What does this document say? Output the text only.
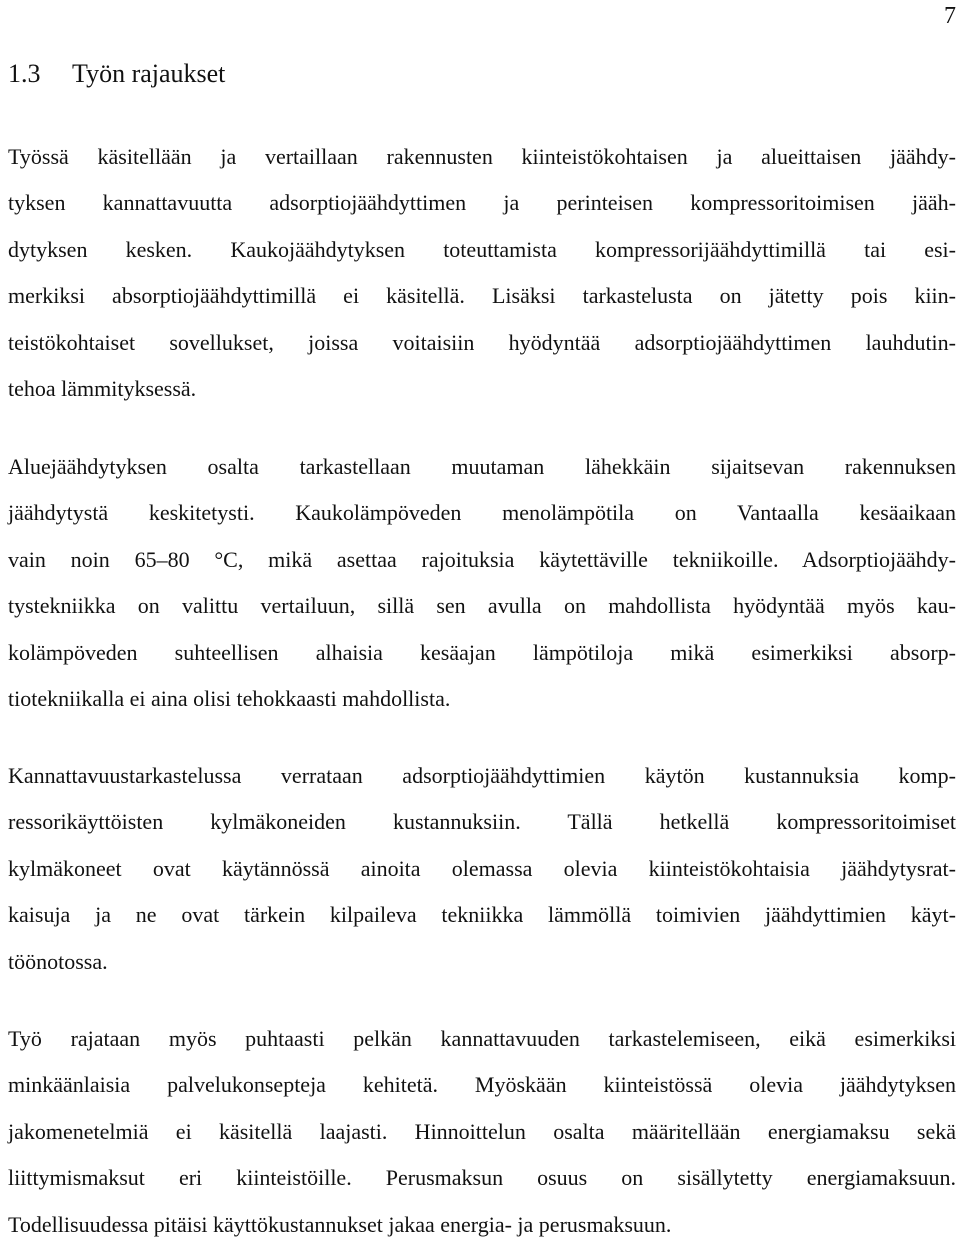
7
1.3 Työn rajaukset
Työssä käsitellään ja vertaillaan rakennusten kiinteistökohtaisen ja alueittaisen jäähdy-
tyksen kannattavuutta adsorptiojäähdyttimen ja perinteisen kompressoritoimisen jääh-
dytyksen kesken. Kaukojäähdytyksen toteuttamista kompressorijäähdyttimillä tai esi-
merkiksi absorptiojäähdyttimillä ei käsitellä. Lisäksi tarkastelusta on jätetty pois kiin-
teistökohtaiset sovellukset, joissa voitaisiin hyödyntää adsorptiojäähdyttimen lauhdutin-
tehoa lämmityksessä.
Aluejäähdytyksen osalta tarkastellaan muutaman lähekkäin sijaitsevan rakennuksen
jäähdytystä keskitetysti. Kaukolämpöveden menolämpötila on Vantaalla kesäaikaan
vain noin 65–80 °C, mikä asettaa rajoituksia käytettäville tekniikoille. Adsorptiojäähdy-
tystekniikka on valittu vertailuun, sillä sen avulla on mahdollista hyödyntää myös kau-
kolämpöveden suhteellisen alhaisia kesäajan lämpötiloja mikä esimerkiksi absorp-
tiotekniikalla ei aina olisi tehokkaasti mahdollista.
Kannattavuustarkastelussa verrataan adsorptiojäähdyttimien käytön kustannuksia komp-
ressorikäyttöisten kylmäkoneiden kustannuksiin. Tällä hetkellä kompressoritoimiset
kylmäkoneet ovat käytännössä ainoita olemassa olevia kiinteistökohtaisia jäähdytysrat-
kaisuja ja ne ovat tärkein kilpaileva tekniikka lämmöllä toimivien jäähdyttimien käyt-
töönotossa.
Työ rajataan myös puhtaasti pelkän kannattavuuden tarkastelemiseen, eikä esimerkiksi
minkäänlaisia palvelukonsepteja kehitetä. Myöskään kiinteistössä olevia jäähdytyksen
jakomenetelmiä ei käsitellä laajasti. Hinnoittelun osalta määritellään energiamaksu sekä
liittymismaksut eri kiinteistöille. Perusmaksun osuus on sisällytetty energiamaksuun.
Todellisuudessa pitäisi käyttökustannukset jakaa energia- ja perusmaksuun.
